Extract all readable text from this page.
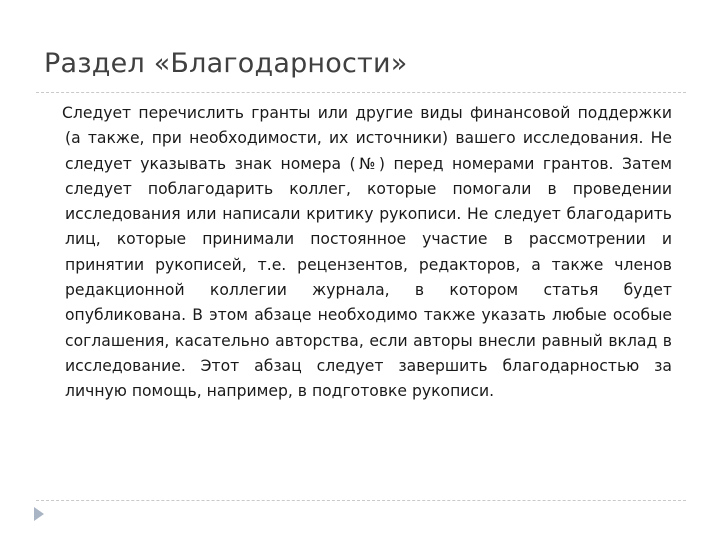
Раздел «Благодарности»

Следует перечислить гранты или другие виды финансовой поддержки (а также, при необходимости, их источники) вашего исследования. Не следует указывать знак номера (№) перед номерами грантов. Затем следует поблагодарить коллег, которые помогали в проведении исследования или написали критику рукописи. Не следует благодарить лиц, которые принимали постоянное участие в рассмотрении и принятии рукописей, т.е. рецензентов, редакторов, а также членов редакционной коллегии журнала, в котором статья будет опубликована. В этом абзаце необходимо также указать любые особые соглашения, касательно авторства, если авторы внесли равный вклад в исследование. Этот абзац следует завершить благодарностью за личную помощь, например, в подготовке рукописи.
